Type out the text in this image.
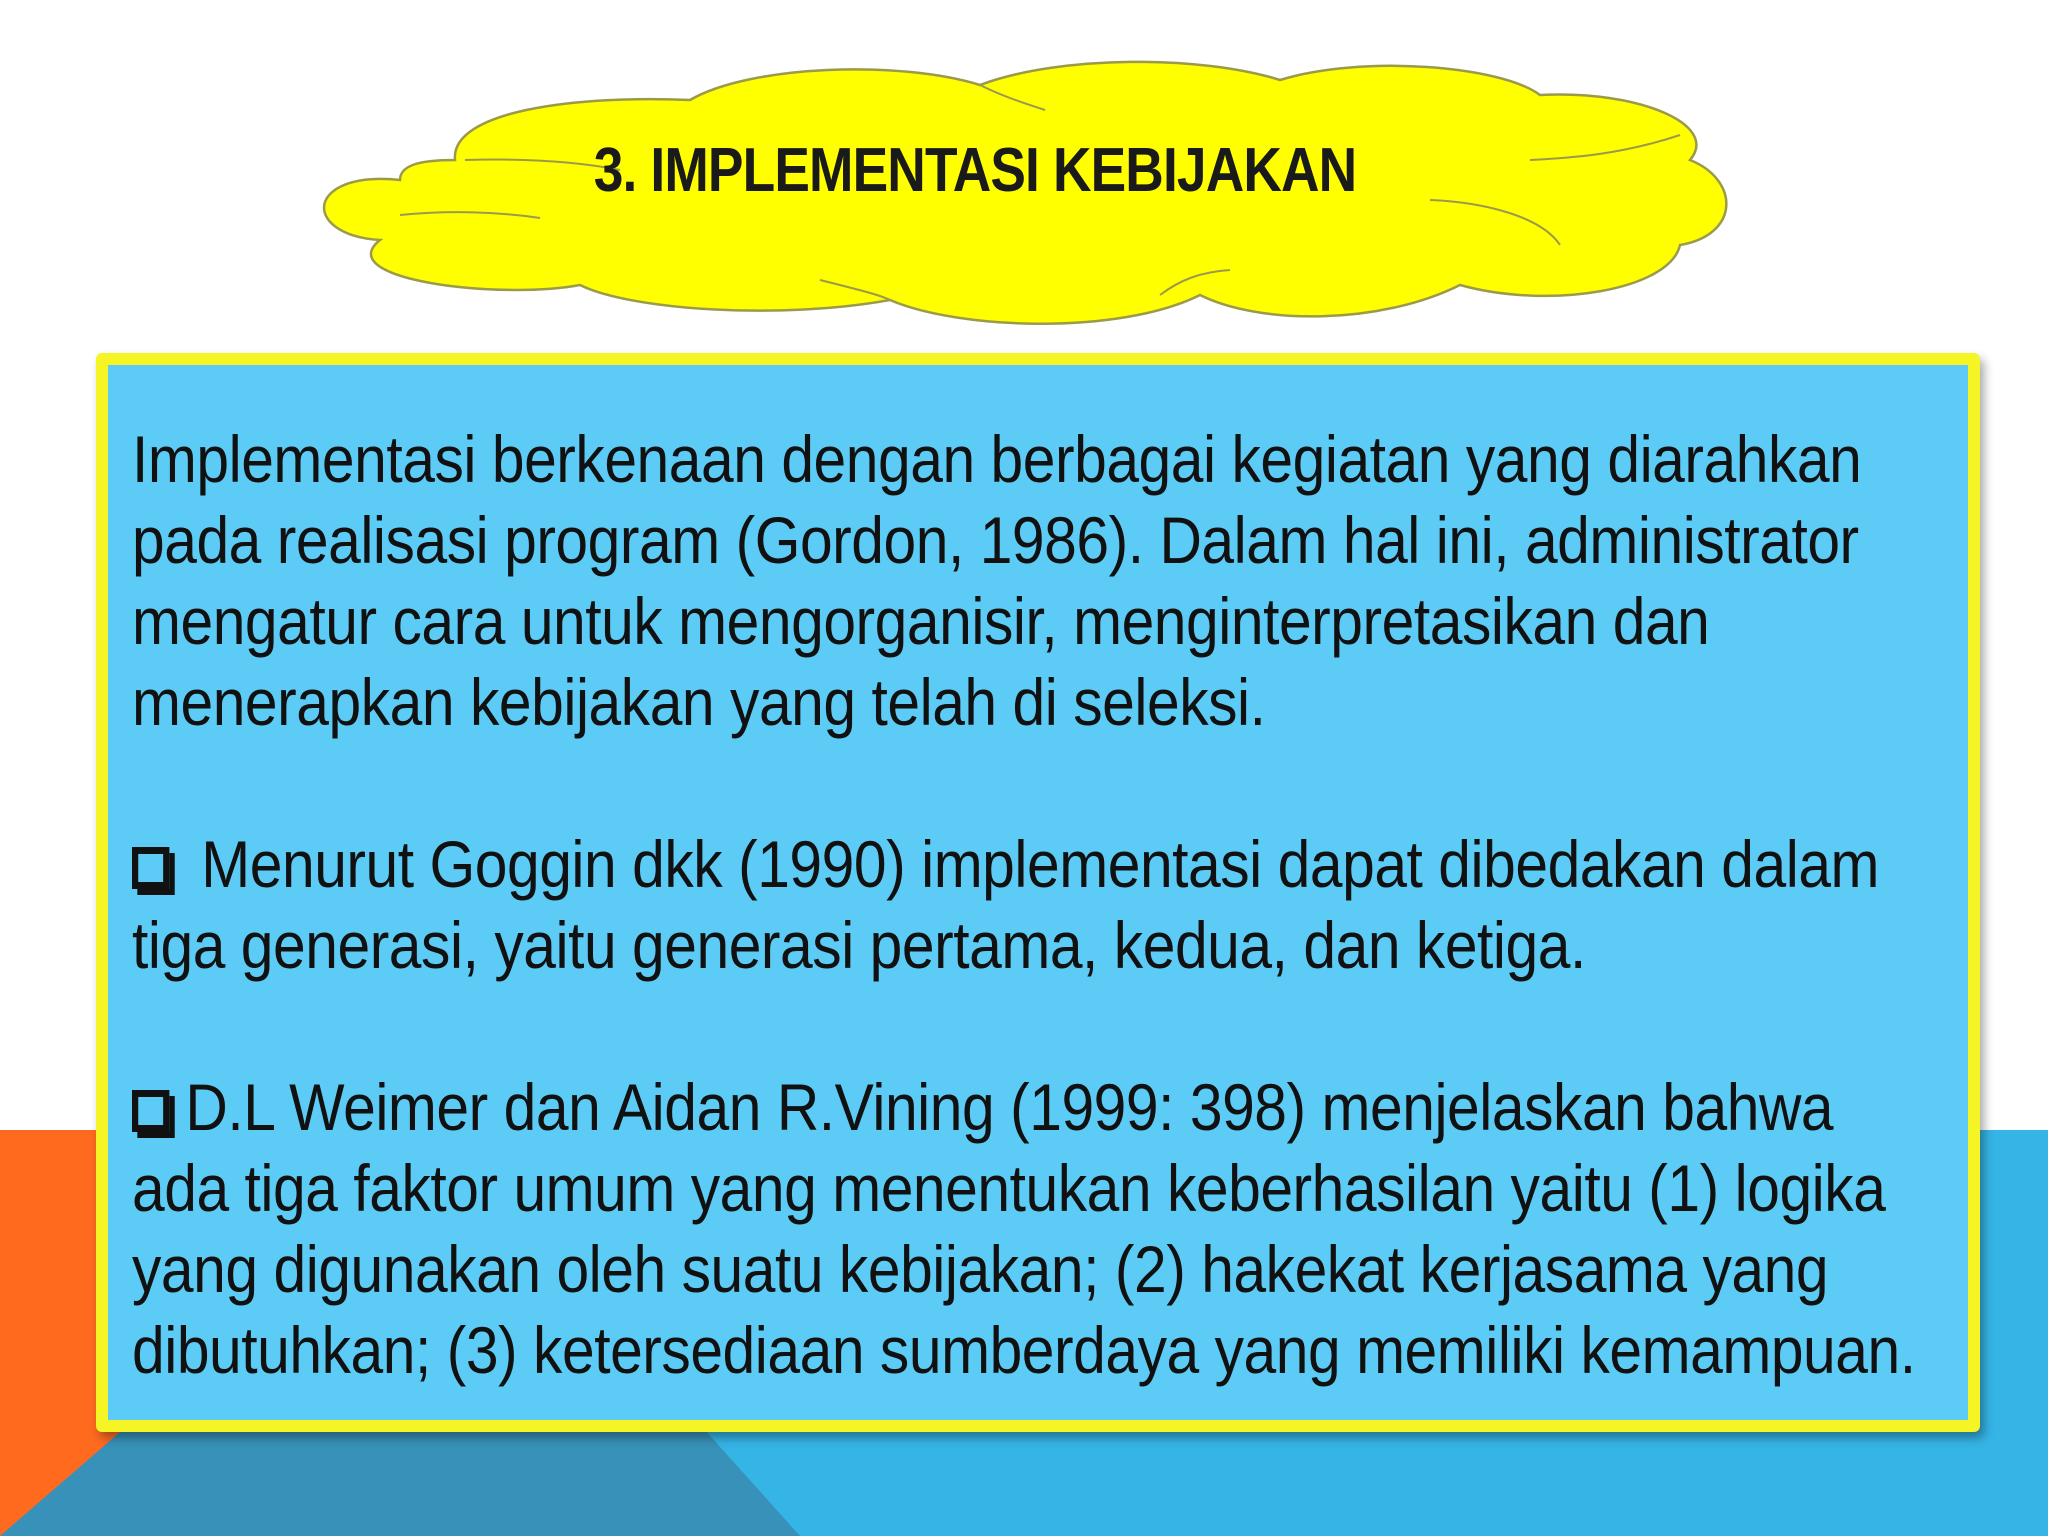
3. IMPLEMENTASI KEBIJAKAN

Implementasi berkenaan dengan berbagai kegiatan yang diarahkan pada realisasi program (Gordon, 1986). Dalam hal ini, administrator mengatur cara untuk mengorganisir, menginterpretasikan dan menerapkan kebijakan yang telah di seleksi.

Menurut Goggin dkk (1990) implementasi dapat dibedakan dalam tiga generasi, yaitu generasi pertama, kedua, dan ketiga.

D.L Weimer dan Aidan R.Vining (1999: 398) menjelaskan bahwa ada tiga faktor umum yang menentukan keberhasilan yaitu (1) logika yang digunakan oleh suatu kebijakan; (2) hakekat kerjasama yang dibutuhkan; (3) ketersediaan sumberdaya yang memiliki kemampuan.
